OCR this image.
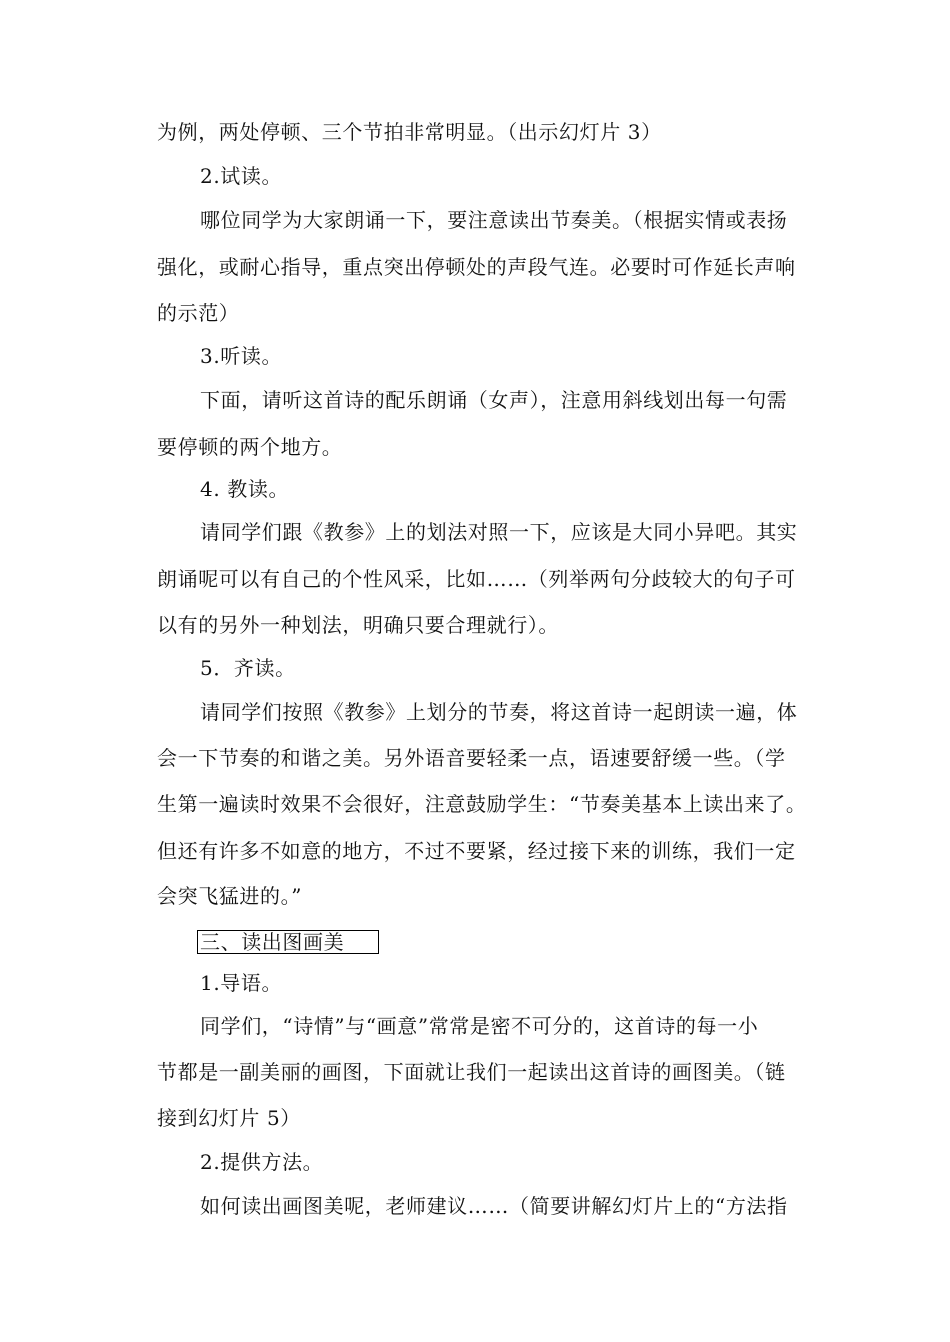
为例，两处停顿、三个节拍非常明显。（出示幻灯片 3）
2.试读。
哪位同学为大家朗诵一下，要注意读出节奏美。（根据实情或表扬
强化，或耐心指导，重点突出停顿处的声段气连。必要时可作延长声响
的示范）
3.听读。
下面，请听这首诗的配乐朗诵（女声），注意用斜线划出每一句需
要停顿的两个地方。
4. 教读。
请同学们跟《教参》上的划法对照一下，应该是大同小异吧。其实
朗诵呢可以有自己的个性风采，比如……（列举两句分歧较大的句子可
以有的另外一种划法，明确只要合理就行）。
5．齐读。
请同学们按照《教参》上划分的节奏，将这首诗一起朗读一遍，体
会一下节奏的和谐之美。另外语音要轻柔一点，语速要舒缓一些。（学
生第一遍读时效果不会很好，注意鼓励学生：“节奏美基本上读出来了。
但还有许多不如意的地方，不过不要紧，经过接下来的训练，我们一定
会突飞猛进的。”
三、读出图画美
1.导语。
同学们，“诗情”与“画意”常常是密不可分的，这首诗的每一小
节都是一副美丽的画图，下面就让我们一起读出这首诗的画图美。（链
接到幻灯片 5）
2.提供方法。
如何读出画图美呢，老师建议……（简要讲解幻灯片上的“方法指
